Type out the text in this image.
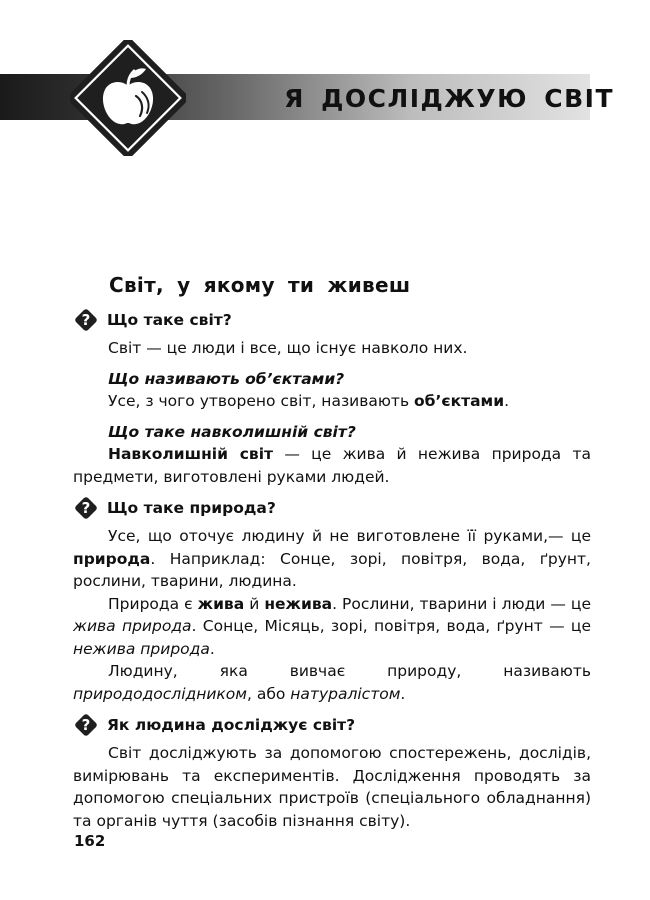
Я ДОСЛІДЖУЮ СВІТ
Світ, у якому ти живеш
? Що таке світ?

Світ — це люди і все, що існує навколо них.

Що називають об’єктами?

Усе, з чого утворено світ, називають об’єктами.

Що таке навколишній світ?

Навколишній світ — це жива й нежива природа та предмети, виготовлені руками людей.

? Що таке природа?

Усе, що оточує людину й не виготовлене її руками,— це природа. Наприклад: Сонце, зорі, повітря, вода, ґрунт, рослини, тварини, людина.

Природа є жива й нежива. Рослини, тварини і люди — це жива природа. Сонце, Місяць, зорі, повітря, вода, ґрунт — це нежива природа.

Людину, яка вивчає природу, називають природодослідником, або натуралістом.

? Як людина досліджує світ?

Світ досліджують за допомогою спостережень, дослідів, вимірювань та експериментів. Дослідження проводять за допомогою спеціальних пристроїв (спеціального обладнання) та органів чуття (засобів пізнання світу).

162
